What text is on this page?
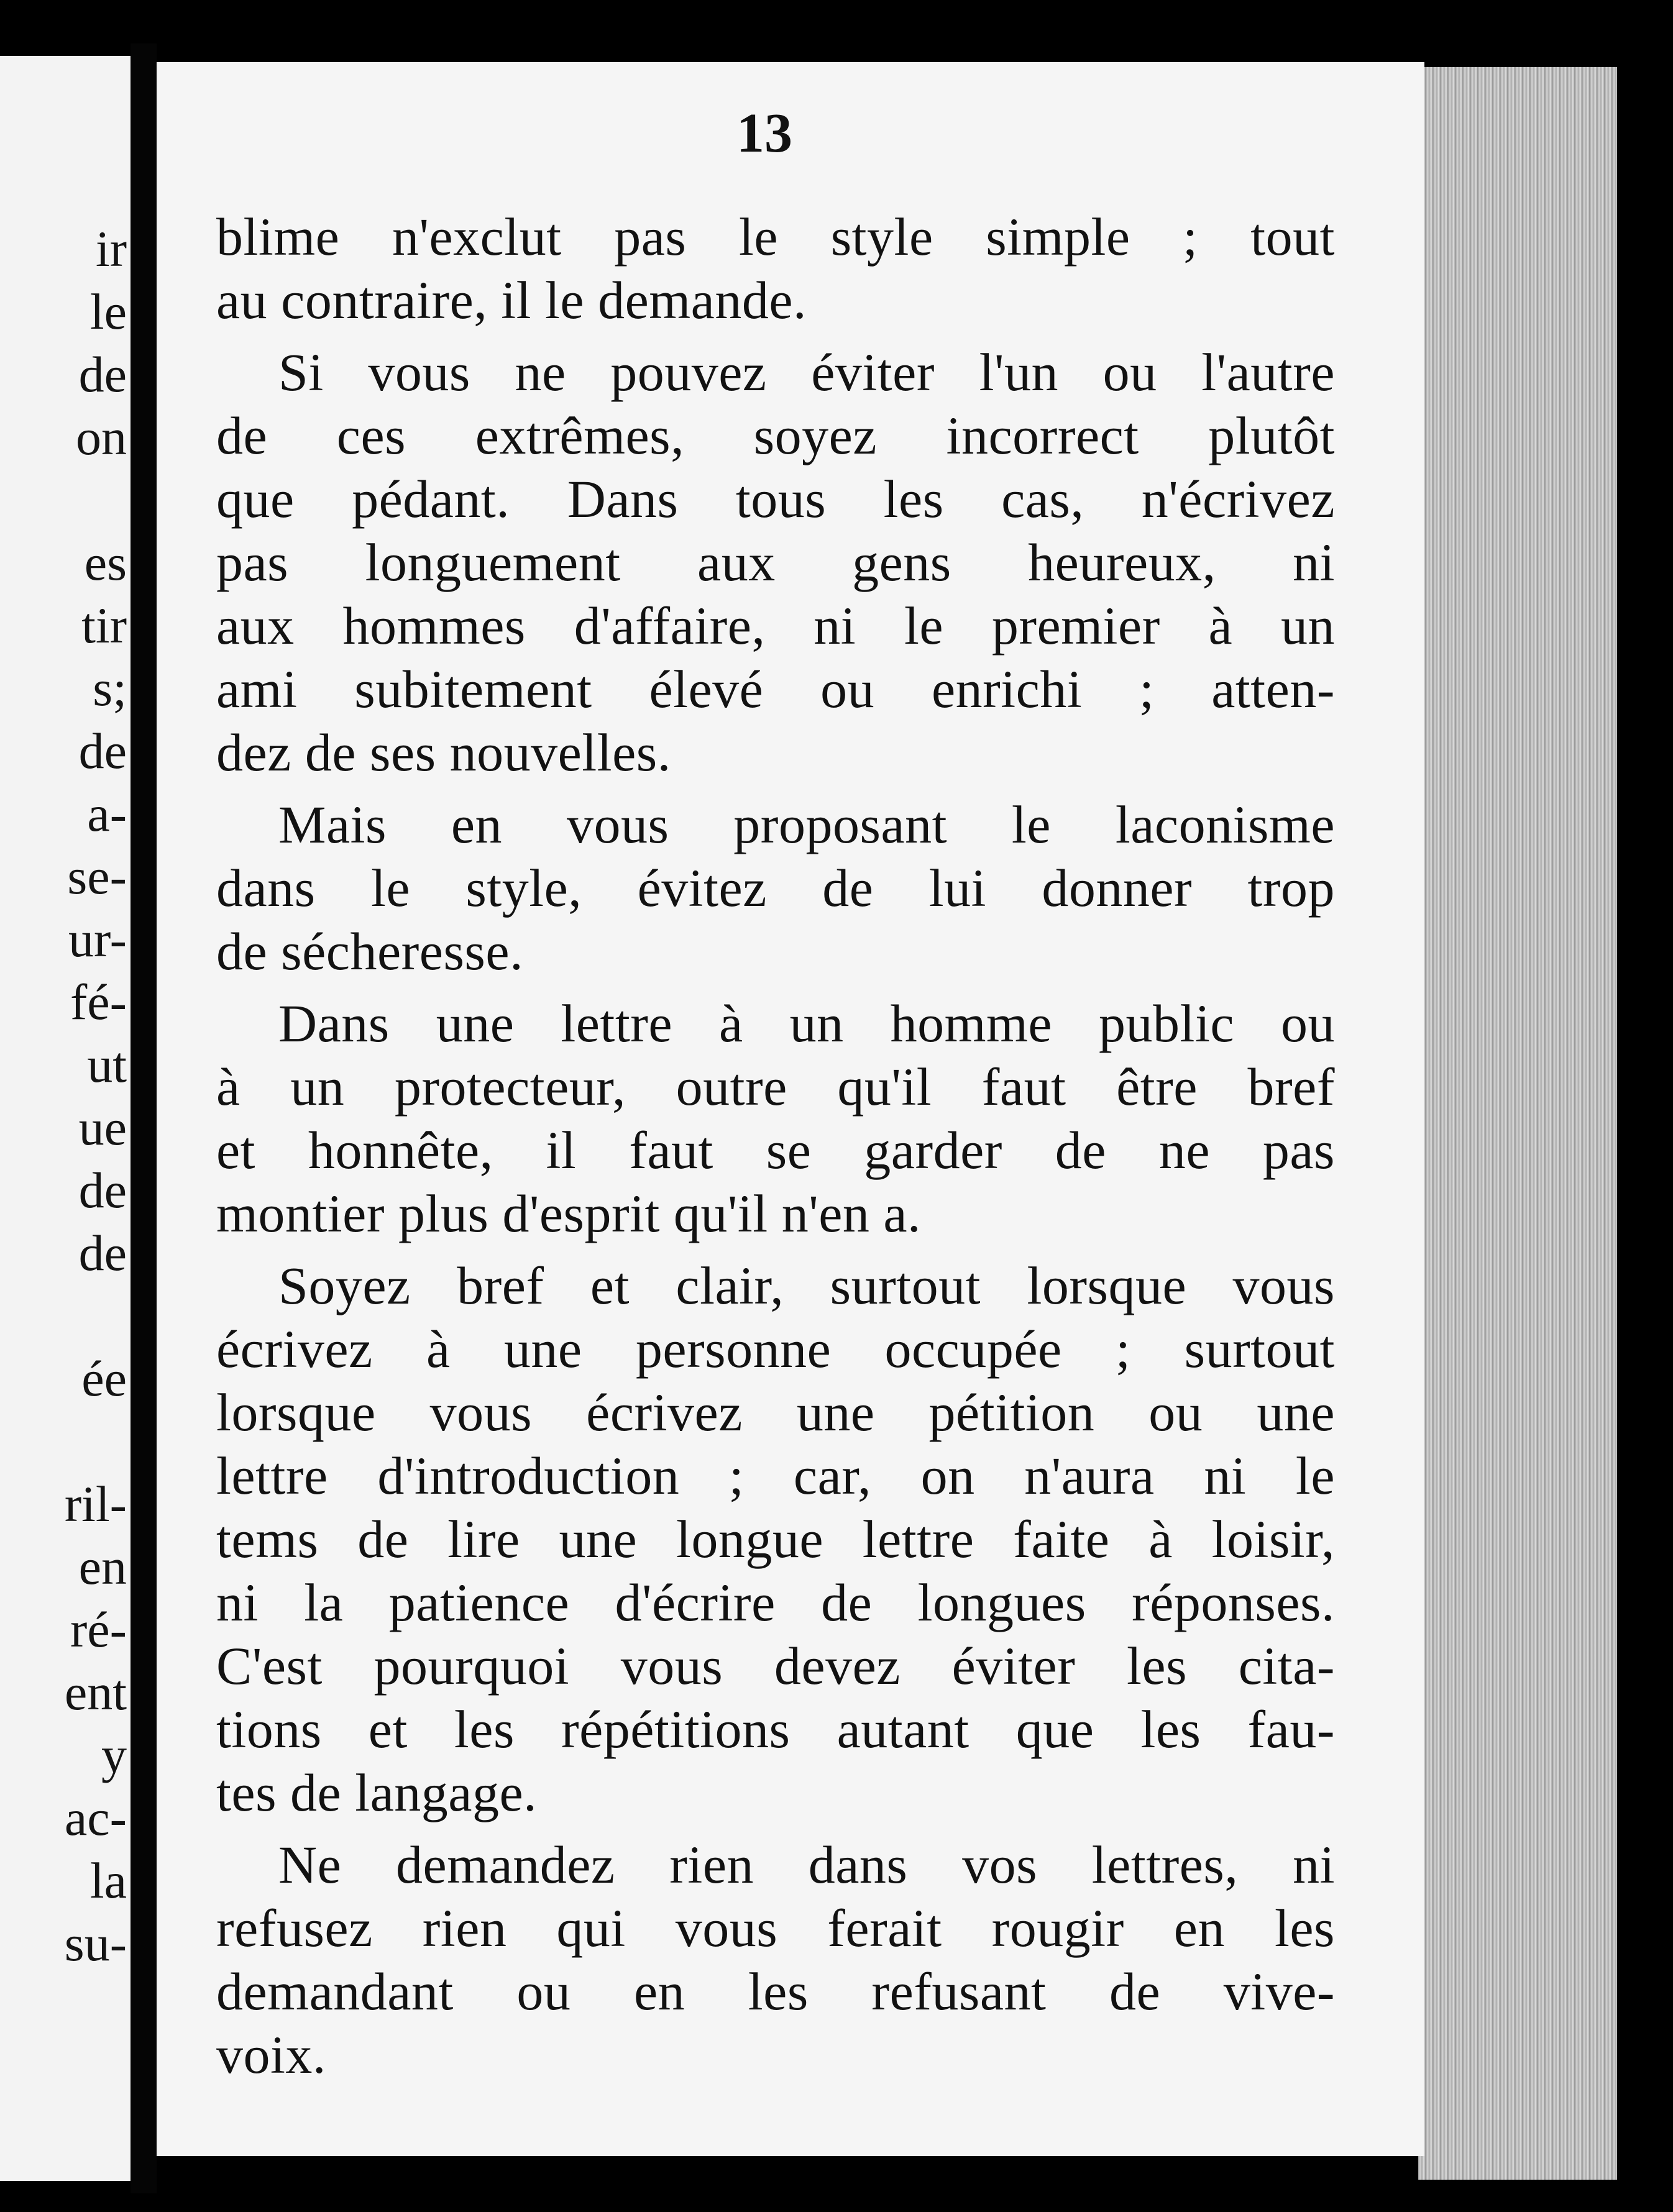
ir
le
de
on
es
tir
s;
de
a-
se-
ur-
fé-
ut
ue
de
de
ée
ril-
en
ré-
ent
y
ac-
la
su-
13
blime n'exclut pas le style simple ; tout
au contraire, il le demande.
Si vous ne pouvez éviter l'un ou l'autre
de ces extrêmes, soyez incorrect plutôt
que pédant. Dans tous les cas, n'écrivez
pas longuement aux gens heureux, ni
aux hommes d'affaire, ni le premier à un
ami subitement élevé ou enrichi ; atten-
dez de ses nouvelles.
Mais en vous proposant le laconisme
dans le style, évitez de lui donner trop
de sécheresse.
Dans une lettre à un homme public ou
à un protecteur, outre qu'il faut être bref
et honnête, il faut se garder de ne pas
montier plus d'esprit qu'il n'en a.
Soyez bref et clair, surtout lorsque vous
écrivez à une personne occupée ; surtout
lorsque vous écrivez une pétition ou une
lettre d'introduction ; car, on n'aura ni le
tems de lire une longue lettre faite à loisir,
ni la patience d'écrire de longues réponses.
C'est pourquoi vous devez éviter les cita-
tions et les répétitions autant que les fau-
tes de langage.
Ne demandez rien dans vos lettres, ni
refusez rien qui vous ferait rougir en les
demandant ou en les refusant de vive-
voix.
